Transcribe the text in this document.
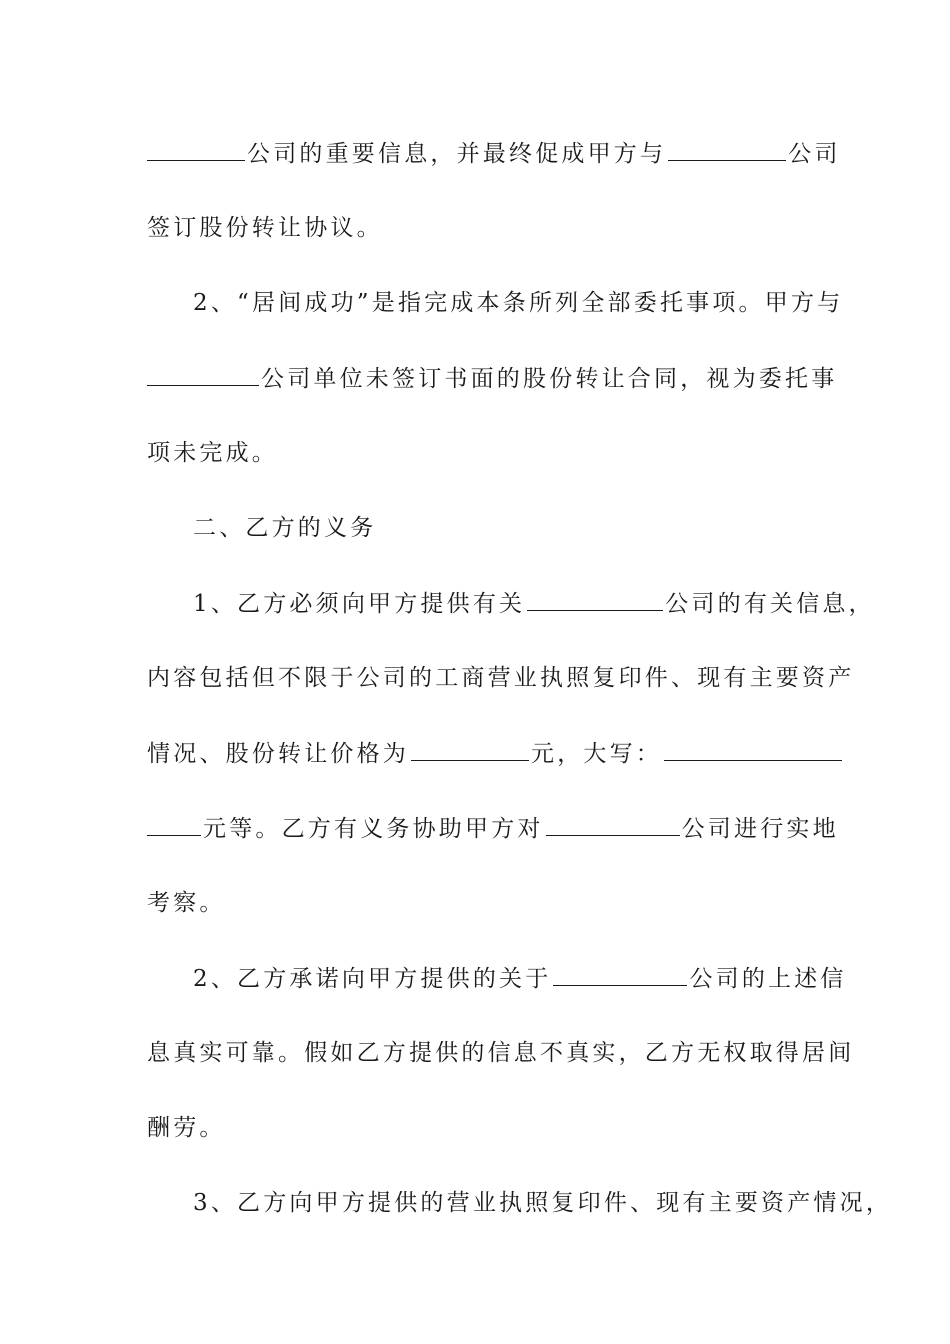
公司的重要信息，并最终促成甲方与	公司
签订股份转让协议。
2、“居间成功”是指完成本条所列全部委托事项。甲方与
公司单位未签订书面的股份转让合同，视为委托事
项未完成。
二、乙方的义务
1、乙方必须向甲方提供有关	公司的有关信息，
内容包括但不限于公司的工商营业执照复印件、现有主要资产
情况、股份转让价格为	元，大写：
元等。乙方有义务协助甲方对	公司进行实地
考察。
2、乙方承诺向甲方提供的关于	公司的上述信
息真实可靠。假如乙方提供的信息不真实，乙方无权取得居间
酬劳。
3、乙方向甲方提供的营业执照复印件、现有主要资产情况，
